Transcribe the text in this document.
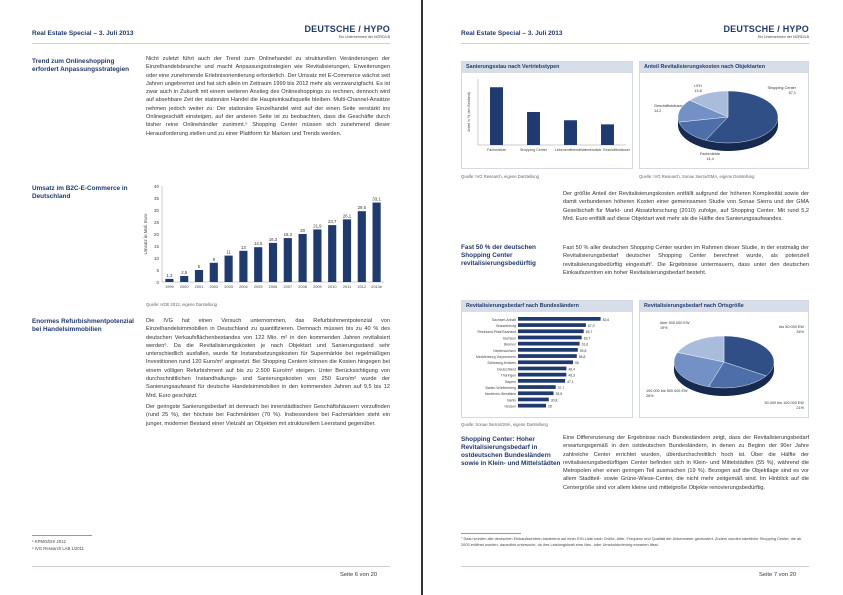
Real Estate Special – 3. Juli 2013	DEUTSCHE / HYPO
Ein Unternehmen der NORD/LB
Trend zum Onlineshopping erfordert Anpassungsstrategien

Nicht zuletzt führt auch der Trend zum Onlinehandel zu strukturellen Veränderungen der Einzelhandelsbranche und macht Anpassungsstrategien wie Revitalisierungen, Erweiterungen oder eine zunehmende Erlebnisorientierung erforderlich. Der Umsatz mit E-Commerce wächst seit Jahren ungebremst und hat sich allein im Zeitraum 1999 bis 2012 mehr als verzwanzigfacht. Es ist zwar auch in Zukunft mit einem weiteren Anstieg des Onlineshoppings zu rechnen, dennoch wird auf absehbare Zeit der stationäre Handel die Haupteinkaufsquelle bleiben. Multi-Channel-Ansätze nehmen jedoch weiter zu: Der stationäre Einzelhandel wird auf der einen Seite verstärkt ins Onlinegeschäft einsteigen, auf der anderen Seite ist zu beobachten, dass die Geschäfte durch bisher reine Onlinehändler zunimmt.⁵ Shopping Center müssen sich zunehmend dieser Herausforderung stellen und zu einer Plattform für Marken und Trends werden.

Umsatz im B2C-E-Commerce in Deutschland
0
5
10
15
20
25
30
35
40
Umsatz in Mrd. Euro
1,3
1999
2,5
2000
5
2001
8
2002
11
2003
13
2004
14,5
2005
16,3
2006
18,3
2007
20
2008
21,9
2009
23,7
2010
26,1
2011
29,5
2012
33,1
2013e
Quelle: HDE 2013, eigene Darstellung
Enormes Refurbishmentpotenzial bei Handelsimmobilien

Die IVG hat einen Versuch unternommen, das Refurbishmentpotenzial von Einzelhandelsimmobilien in Deutschland zu quantifizieren. Demnach müssen bis zu 40 % des deutschen Verkaufsflächenbestandes von 122 Mio. m² in den kommenden Jahren revitalisiert werden⁶. Da die Revitalisierungskosten je nach Objektart und Sanierungsstand sehr unterschiedlich ausfallen, wurde für Instandsetzungskosten für Supermärkte bei regelmäßigen Investitionen rund 120 Euro/m² angesetzt. Bei Shopping Centern können die Kosten hingegen bei einem völligen Refurbishment auf bis zu 2.500 Euro/m² steigen. Unter Berücksichtigung von durchschnittlichen Instandhaltungs- und Sanierungskosten von 250 Euro/m² wurde der Sanierungsaufwand für deutsche Handelsimmobilien in den kommenden Jahren auf 9,5 bis 12 Mrd. Euro geschätzt.

Der geringste Sanierungsbedarf ist demnach bei innerstädtischen Geschäftshäusern vorzufinden (rund 25 %), der höchste bei Fachmärkten (70 %). Insbesondere bei Fachmärkten steht ein junger, moderner Bestand einer Vielzahl an Objekten mit strukturellem Leerstand gegenüber.

⁵ KPMG/EHI 2012
⁶ IVG Research LAB 1/2011
Seite 6 von 20
Real Estate Special – 3. Juli 2013	DEUTSCHE / HYPO
Ein Unternehmen der NORD/LB
Sanierungsstau nach Vertriebstypen
Anteil in % (am Bestand)
Fachmärkte	Shopping Center Lebensmittelmärkte
innerstädt. Geschäftshäuser
Anteil Revitalisierungskosten nach Objektarten
Shopping Center
57,1
Fachmärkte
14,4
Geschäftshäuser
14,2
LEH
13,8
Quelle: IVG Research, eigene Darstellung	Quelle: IVG Research, Sonae Sierra/GMA, eigene Darstellung

Der größte Anteil der Revitalisierungskosten entfällt aufgrund der höheren Komplexität sowie der damit verbundenen höheren Kosten einer gemeinsamen Studie von Sonae Sierra und der GMA Gesellschaft für Markt- und Absatzforschung (2010) zufolge, auf Shopping Center. Mit rund 5,2 Mrd. Euro entfällt auf diese Objektart weit mehr als die Hälfte des Sanierungsaufwandes.

Fast 50 % der deutschen Shopping Center revitalisierungsbedürftig

Fast 50 % aller deutschen Shopping Center wurden im Rahmen dieser Studie, in der erstmalig der Revitalisierungsbedarf deutscher Shopping Center berechnet wurde, als potenziell revitalisierungsbedürftig eingestuft⁷. Die Ergebnisse untermauern, dass unter den deutschen Einkaufszentren ein hoher Revitalisierungsbedarf besteht.

Revitalisierungsbedarf nach Bundesländern
Sachsen-Anhalt	82,6
Brandenburg	67,9
Rheinland-Pfalz/Saarland	65,7
Sachsen	63,7
Bremen	61,6
Niedersachsen	59,8
Mecklenburg-Vorpommern	58,8
Schleswig-Holstein	55
Deutschland	48,4
Thüringen	48,3
Bayern	47,1
Baden-Württemberg	37,7
Nordrhein-Westfalen	35,5
Berlin	30,8
Hessen	28
Revitalisierungsbedarf nach Ortsgröße
bis 50.000 EW
34%
50.000 bis 100.000 EW
21%
100.000 bis 500.000 EW
26%
über 500.000 EW
19%
Quelle: Sonae Sierra/GMA, eigene Darstellung
Shopping Center: Hoher Revitalisierungsbedarf in ostdeutschen Bundesländern sowie in Klein- und Mittelstädten

Eine Differenzierung der Ergebnisse nach Bundesländern zeigt, dass der Revitalisierungsbedarf erwartungsgemäß in den ostdeutschen Bundesländern, in denen zu Beginn der 90er Jahre zahlreiche Center errichtet wurden, überdurchschnittlich hoch ist. Über die Hälfte der revitalisierungsbedürftigen Center befinden sich in Klein- und Mittelstädten (55 %), während die Metropolen eher einen geringen Teil ausmachen (19 %). Bezogen auf die Objektlage sind es vor allem Stadtteil- sowie Grüne-Wiese-Center, die nicht mehr zeitgemäß sind. Im Hinblick auf die Centergröße sind vor allem kleine und mittelgroße Objekte renovierungsbedürftig.

⁷ Dazu wurden alle deutschen Einkaufszentren basierend auf einer EHI-Liste nach Größe, Alter, Frequenz und Qualität der Ankermieter gechustert. Zudem wurden sämtliche Shopping Center, die ab 2003 eröffnet wurden, daraufhin untersucht, ob ihre Leistungskraft eine Neu- oder Umstrukturierung erwarten lässt.
Seite 7 von 20
